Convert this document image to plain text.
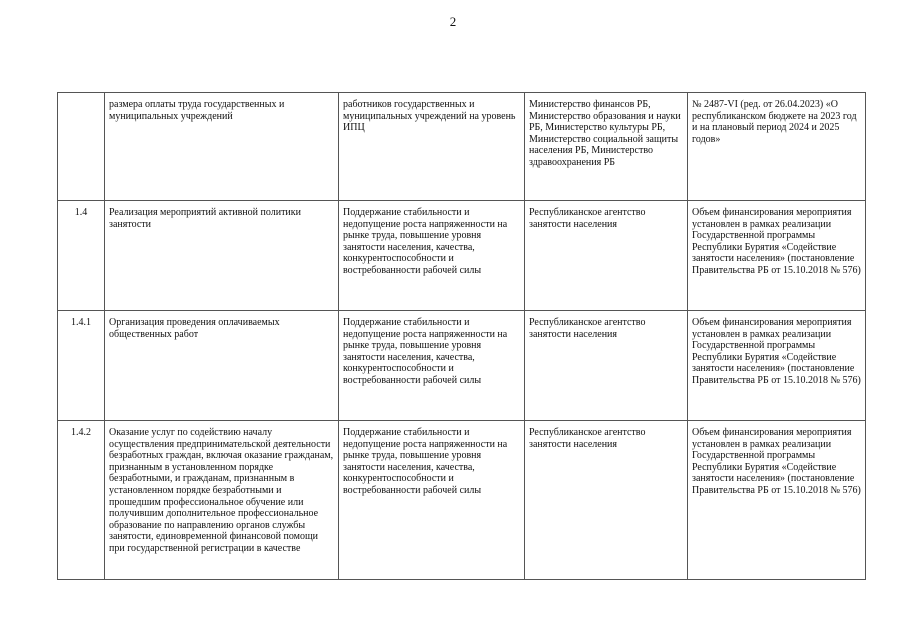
2
	размера оплаты труда государственных и муниципальных учреждений	работников государственных и муниципальных учреждений на уровень ИПЦ	Министерство финансов РБ, Министерство образования и науки РБ, Министерство культуры РБ, Министерство социальной защиты населения РБ, Министерство здравоохранения РБ	№ 2487-VI (ред. от 26.04.2023) «О республиканском бюджете на 2023 год и на плановый период 2024 и 2025 годов»
1.4	Реализация мероприятий активной политики занятости	Поддержание стабильности и недопущение роста напряженности на рынке труда, повышение уровня занятости населения, качества, конкурентоспособности и востребованности рабочей силы	Республиканское агентство занятости населения	Объем финансирования мероприятия установлен в рамках реализации Государственной программы Республики Бурятия «Содействие занятости населения» (постановление Правительства РБ от 15.10.2018 № 576)
1.4.1	Организация проведения оплачиваемых общественных работ	Поддержание стабильности и недопущение роста напряженности на рынке труда, повышение уровня занятости населения, качества, конкурентоспособности и востребованности рабочей силы	Республиканское агентство занятости населения	Объем финансирования мероприятия установлен в рамках реализации Государственной программы Республики Бурятия «Содействие занятости населения» (постановление Правительства РБ от 15.10.2018 № 576)
1.4.2	Оказание услуг по содействию началу осуществления предпринимательской деятельности безработных граждан, включая оказание гражданам, признанным в установленном порядке безработными, и гражданам, признанным в установленном порядке безработными и прошедшим профессиональное обучение или получившим дополнительное профессиональное образование по направлению органов службы занятости, единовременной финансовой помощи при государственной регистрации в качестве	Поддержание стабильности и недопущение роста напряженности на рынке труда, повышение уровня занятости населения, качества, конкурентоспособности и востребованности рабочей силы	Республиканское агентство занятости населения	Объем финансирования мероприятия установлен в рамках реализации Государственной программы Республики Бурятия «Содействие занятости населения» (постановление Правительства РБ от 15.10.2018 № 576)
